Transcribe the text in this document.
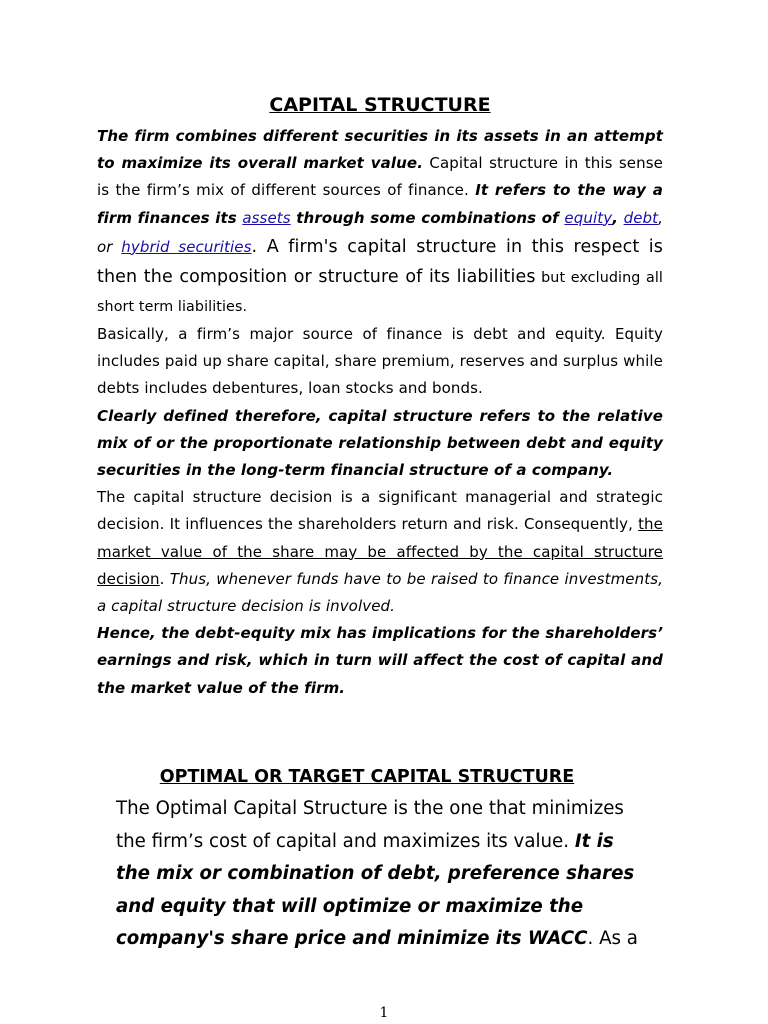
CAPITAL STRUCTURE

The firm combines different securities in its assets in an attempt to maximize its overall market value. Capital structure in this sense is the firm’s mix of different sources of finance. It refers to the way a firm finances its assets through some combinations of equity, debt, or hybrid securities. A firm's capital structure in this respect is then the composition or structure of its liabilities but excluding all short term liabilities.

Basically, a firm’s major source of finance is debt and equity. Equity includes paid up share capital, share premium, reserves and surplus while debts includes debentures, loan stocks and bonds.

Clearly defined therefore, capital structure refers to the relative mix of or the proportionate relationship between debt and equity securities in the long-term financial structure of a company.

The capital structure decision is a significant managerial and strategic decision. It influences the shareholders return and risk. Consequently, the market value of the share may be affected by the capital structure decision. Thus, whenever funds have to be raised to finance investments, a capital structure decision is involved.

Hence, the debt-equity mix has implications for the shareholders’ earnings and risk, which in turn will affect the cost of capital and the market value of the firm.

OPTIMAL OR TARGET CAPITAL STRUCTURE

The Optimal Capital Structure is the one that minimizes the firm’s cost of capital and maximizes its value. It is the mix or combination of debt, preference shares and equity that will optimize or maximize the company's share price and minimize its WACC. As a

1
